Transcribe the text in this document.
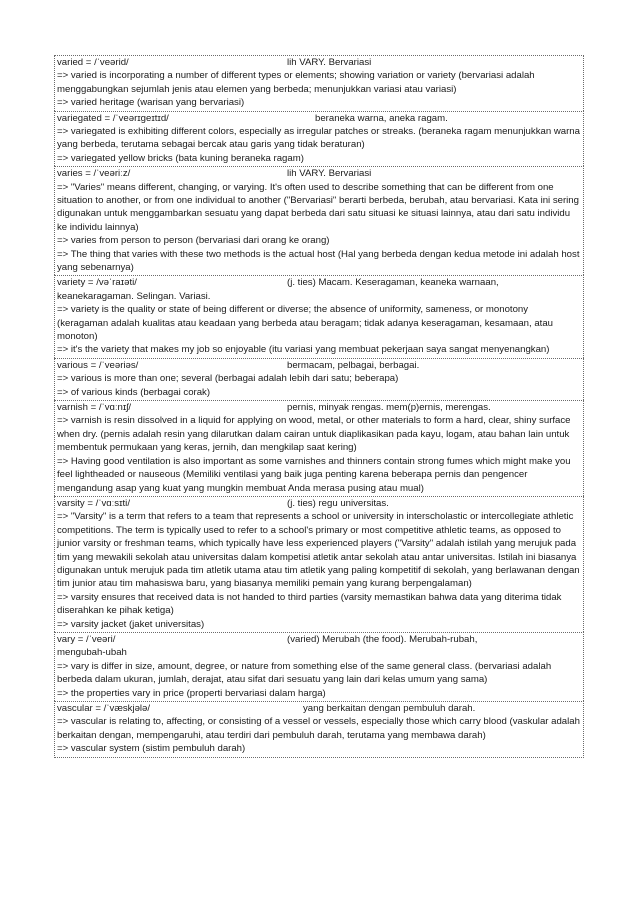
varied = /ˈveərid/	lih VARY. Bervariasi

=> varied is incorporating a number of different types or elements; showing variation or variety (bervariasi adalah menggabungkan sejumlah jenis atau elemen yang berbeda; menunjukkan variasi atau variasi)

=> varied heritage (warisan yang bervariasi)

variegated = /ˈveərɪɡeɪtɪd/	beraneka warna, aneka ragam.

=> variegated is exhibiting different colors, especially as irregular patches or streaks. (beraneka ragam menunjukkan warna yang berbeda, terutama sebagai bercak atau garis yang tidak beraturan)

=> variegated yellow bricks (bata kuning beraneka ragam)

varies = /ˈveəriːz/	lih VARY. Bervariasi

=> "Varies" means different, changing, or varying. It's often used to describe something that can be different from one situation to another, or from one individual to another ("Bervariasi" berarti berbeda, berubah, atau bervariasi. Kata ini sering digunakan untuk menggambarkan sesuatu yang dapat berbeda dari satu situasi ke situasi lainnya, atau dari satu individu ke individu lainnya)

=> varies from person to person (bervariasi dari orang ke orang)

=> The thing that varies with these two methods is the actual host (Hal yang berbeda dengan kedua metode ini adalah host yang sebenarnya)

variety = /vəˈraɪəti/	(j. ties) Macam. Keseragaman, keaneka warnaan,

keanekaragaman. Selingan. Variasi.

=> variety is the quality or state of being different or diverse; the absence of uniformity, sameness, or monotony (keragaman adalah kualitas atau keadaan yang berbeda atau beragam; tidak adanya keseragaman, kesamaan, atau monoton)

=> it's the variety that makes my job so enjoyable (itu variasi yang membuat pekerjaan saya sangat menyenangkan)

various = /ˈveəriəs/	bermacam, pelbagai, berbagai.

=> various is more than one; several (berbagai adalah lebih dari satu; beberapa)

=> of various kinds (berbagai corak)

varnish = /ˈvɑːnɪʃ/	pernis, minyak rengas. mem(p)ernis, merengas.

=> varnish is resin dissolved in a liquid for applying on wood, metal, or other materials to form a hard, clear, shiny surface when dry. (pernis adalah resin yang dilarutkan dalam cairan untuk diaplikasikan pada kayu, logam, atau bahan lain untuk membentuk permukaan yang keras, jernih, dan mengkilap saat kering)

=> Having good ventilation is also important as some varnishes and thinners contain strong fumes which might make you feel lightheaded or nauseous (Memiliki ventilasi yang baik juga penting karena beberapa pernis dan pengencer mengandung asap yang kuat yang mungkin membuat Anda merasa pusing atau mual)

varsity = /ˈvɑːsɪti/	(j. ties) regu universitas.

=> "Varsity" is a term that refers to a team that represents a school or university in interscholastic or intercollegiate athletic competitions. The term is typically used to refer to a school's primary or most competitive athletic teams, as opposed to junior varsity or freshman teams, which typically have less experienced players ("Varsity" adalah istilah yang merujuk pada tim yang mewakili sekolah atau universitas dalam kompetisi atletik antar sekolah atau antar universitas. Istilah ini biasanya digunakan untuk merujuk pada tim atletik utama atau tim atletik yang paling kompetitif di sekolah, yang berlawanan dengan tim junior atau tim mahasiswa baru, yang biasanya memiliki pemain yang kurang berpengalaman)

=> varsity ensures that received data is not handed to third parties (varsity memastikan bahwa data yang diterima tidak diserahkan ke pihak ketiga)

=> varsity jacket (jaket universitas)

vary = /ˈveəri/	(varied) Merubah (the food). Merubah-rubah,

mengubah-ubah

=> vary is differ in size, amount, degree, or nature from something else of the same general class. (bervariasi adalah berbeda dalam ukuran, jumlah, derajat, atau sifat dari sesuatu yang lain dari kelas umum yang sama)

=> the properties vary in price (properti bervariasi dalam harga)

vascular = /ˈvæskjələ/	yang berkaitan dengan pembuluh darah.

=> vascular is relating to, affecting, or consisting of a vessel or vessels, especially those which carry blood (vaskular adalah berkaitan dengan, mempengaruhi, atau terdiri dari pembuluh darah, terutama yang membawa darah)

=> vascular system (sistim pembuluh darah)
